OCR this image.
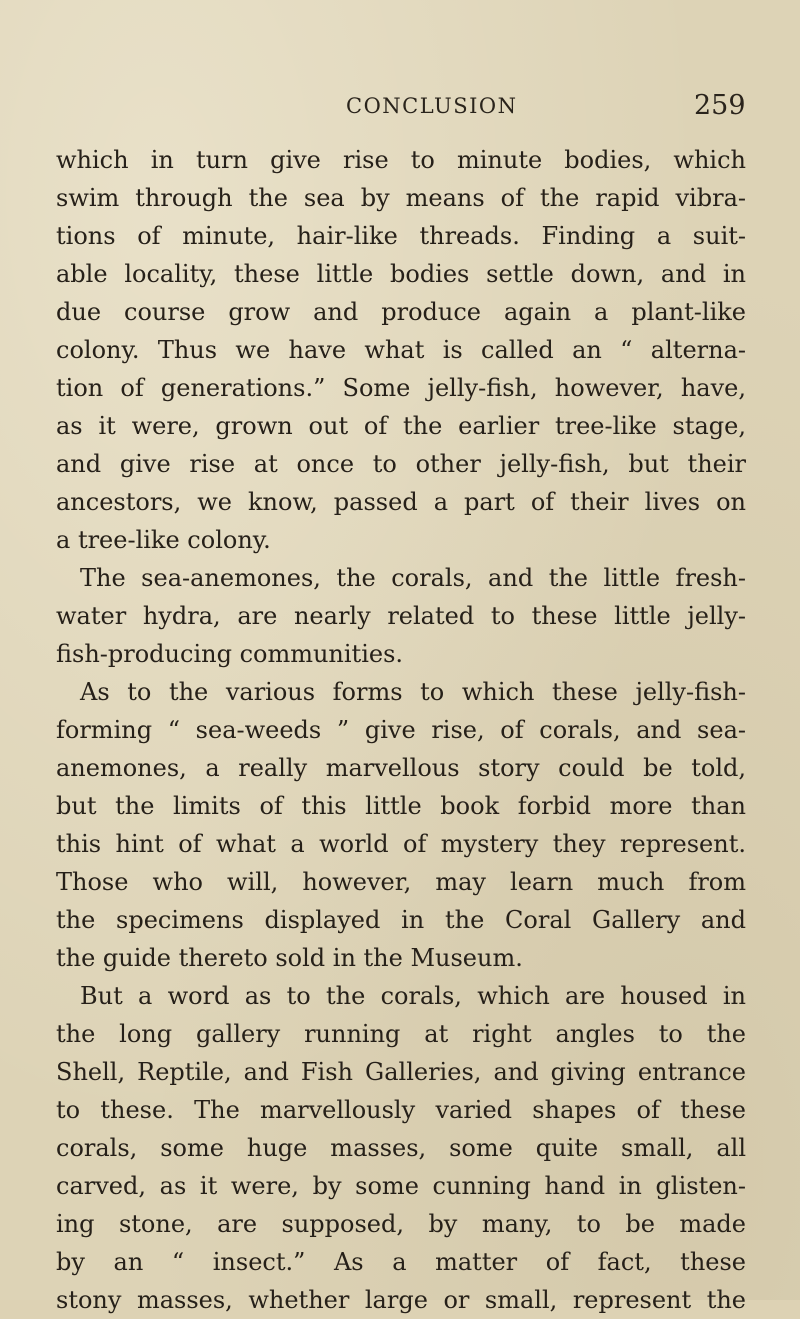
CONCLUSION	259
which in turn give rise to minute bodies, which
swim through the sea by means of the rapid vibra-
tions of minute, hair-like threads. Finding a suit-
able locality, these little bodies settle down, and in
due course grow and produce again a plant-like
colony. Thus we have what is called an “ alterna-
tion of generations.” Some jelly-fish, however, have,
as it were, grown out of the earlier tree-like stage,
and give rise at once to other jelly-fish, but their
ancestors, we know, passed a part of their lives on
a tree-like colony.
The sea-anemones, the corals, and the little fresh-
water hydra, are nearly related to these little jelly-
fish-producing communities.
As to the various forms to which these jelly-fish-
forming “ sea-weeds ” give rise, of corals, and sea-
anemones, a really marvellous story could be told,
but the limits of this little book forbid more than
this hint of what a world of mystery they represent.
Those who will, however, may learn much from
the specimens displayed in the Coral Gallery and
the guide thereto sold in the Museum.
But a word as to the corals, which are housed in
the long gallery running at right angles to the
Shell, Reptile, and Fish Galleries, and giving entrance
to these. The marvellously varied shapes of these
corals, some huge masses, some quite small, all
carved, as it were, by some cunning hand in glisten-
ing stone, are supposed, by many, to be made
by an “ insect.” As a matter of fact, these
stony masses, whether large or small, represent the
